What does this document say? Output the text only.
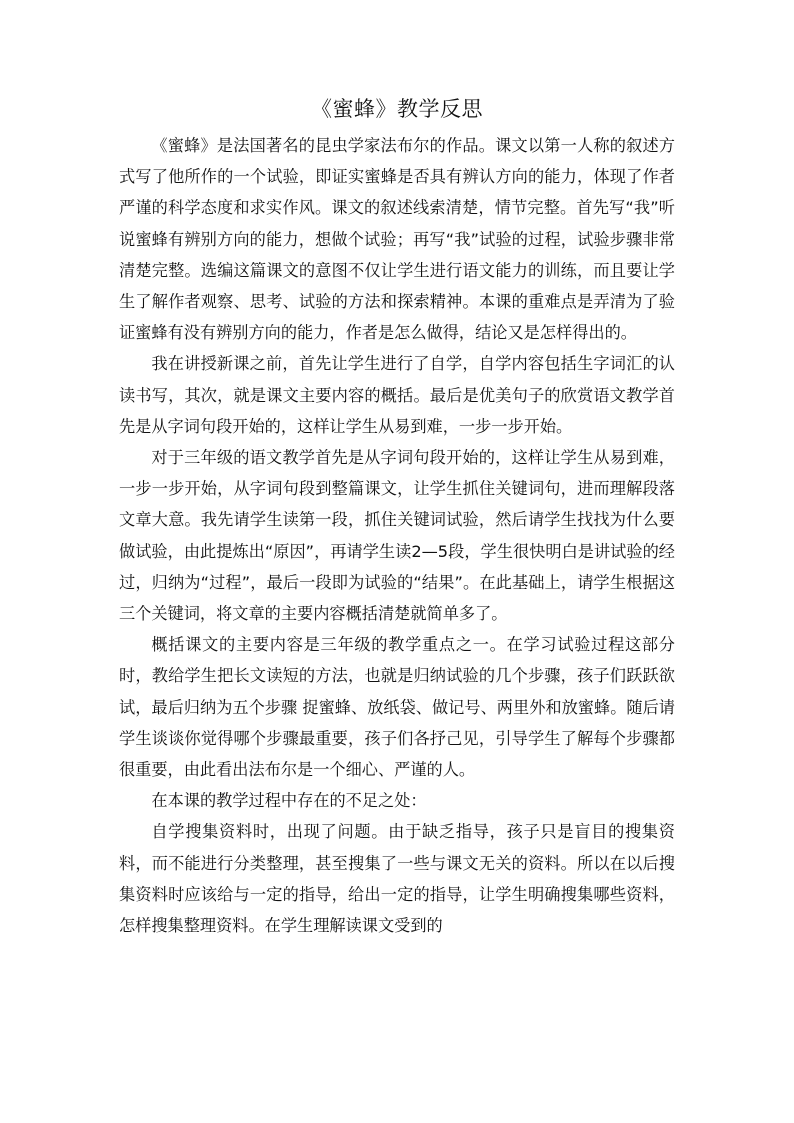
《蜜蜂》教学反思

《蜜蜂》是法国著名的昆虫学家法布尔的作品。课文以第一人称的叙述方式写了他所作的一个试验，即证实蜜蜂是否具有辨认方向的能力，体现了作者严谨的科学态度和求实作风。课文的叙述线索清楚，情节完整。首先写“我”听说蜜蜂有辨别方向的能力，想做个试验；再写“我”试验的过程，试验步骤非常清楚完整。选编这篇课文的意图不仅让学生进行语文能力的训练，而且要让学生了解作者观察、思考、试验的方法和探索精神。本课的重难点是弄清为了验证蜜蜂有没有辨别方向的能力，作者是怎么做得，结论又是怎样得出的。

我在讲授新课之前，首先让学生进行了自学，自学内容包括生字词汇的认读书写，其次，就是课文主要内容的概括。最后是优美句子的欣赏语文教学首先是从字词句段开始的，这样让学生从易到难，一步一步开始。

对于三年级的语文教学首先是从字词句段开始的，这样让学生从易到难，一步一步开始，从字词句段到整篇课文，让学生抓住关键词句，进而理解段落文章大意。我先请学生读第一段，抓住关键词试验，然后请学生找找为什么要做试验，由此提炼出“原因”，再请学生读2—5段，学生很快明白是讲试验的经过，归纳为“过程”，最后一段即为试验的“结果”。在此基础上，请学生根据这三个关键词，将文章的主要内容概括清楚就简单多了。

概括课文的主要内容是三年级的教学重点之一。在学习试验过程这部分时，教给学生把长文读短的方法，也就是归纳试验的几个步骤，孩子们跃跃欲试，最后归纳为五个步骤 捉蜜蜂、放纸袋、做记号、两里外和放蜜蜂。随后请学生谈谈你觉得哪个步骤最重要，孩子们各抒己见，引导学生了解每个步骤都很重要，由此看出法布尔是一个细心、严谨的人。

在本课的教学过程中存在的不足之处：

自学搜集资料时，出现了问题。由于缺乏指导，孩子只是盲目的搜集资料，而不能进行分类整理，甚至搜集了一些与课文无关的资料。所以在以后搜集资料时应该给与一定的指导，给出一定的指导，让学生明确搜集哪些资料，怎样搜集整理资料。在学生理解读课文受到的
